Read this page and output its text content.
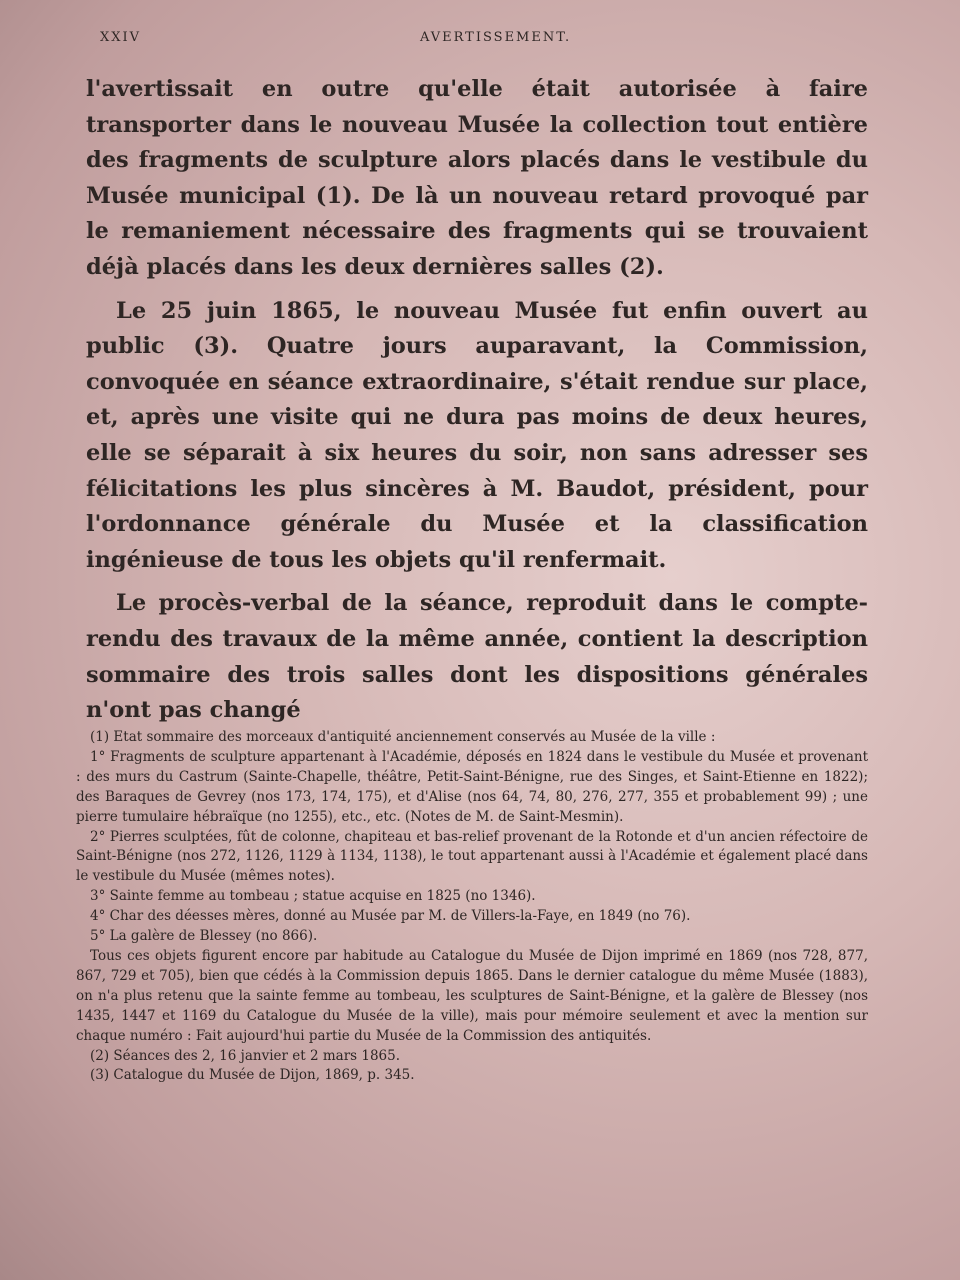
XXIV	AVERTISSEMENT.

l'avertissait en outre qu'elle était autorisée à faire transporter dans le nouveau Musée la collection tout entière des fragments de sculpture alors placés dans le vestibule du Musée municipal (1). De là un nouveau retard provoqué par le remaniement nécessaire des fragments qui se trouvaient déjà placés dans les deux dernières salles (2).

Le 25 juin 1865, le nouveau Musée fut enfin ouvert au public (3). Quatre jours auparavant, la Commission, convoquée en séance extraordinaire, s'était rendue sur place, et, après une visite qui ne dura pas moins de deux heures, elle se séparait à six heures du soir, non sans adresser ses félicitations les plus sincères à M. Baudot, président, pour l'ordonnance générale du Musée et la classification ingénieuse de tous les objets qu'il renfermait.

Le procès-verbal de la séance, reproduit dans le compte-rendu des travaux de la même année, contient la description sommaire des trois salles dont les dispositions générales n'ont pas changé

(1) Etat sommaire des morceaux d'antiquité anciennement conservés au Musée de la ville :

1° Fragments de sculpture appartenant à l'Académie, déposés en 1824 dans le vestibule du Musée et provenant : des murs du Castrum (Sainte-Chapelle, théâtre, Petit-Saint-Bénigne, rue des Singes, et Saint-Etienne en 1822); des Baraques de Gevrey (nos 173, 174, 175), et d'Alise (nos 64, 74, 80, 276, 277, 355 et probablement 99) ; une pierre tumulaire hébraïque (no 1255), etc., etc. (Notes de M. de Saint-Mesmin).

2° Pierres sculptées, fût de colonne, chapiteau et bas-relief provenant de la Rotonde et d'un ancien réfectoire de Saint-Bénigne (nos 272, 1126, 1129 à 1134, 1138), le tout appartenant aussi à l'Académie et également placé dans le vestibule du Musée (mêmes notes).

3° Sainte femme au tombeau ; statue acquise en 1825 (no 1346).

4° Char des déesses mères, donné au Musée par M. de Villers-la-Faye, en 1849 (no 76).

5° La galère de Blessey (no 866).

Tous ces objets figurent encore par habitude au Catalogue du Musée de Dijon imprimé en 1869 (nos 728, 877, 867, 729 et 705), bien que cédés à la Commission depuis 1865. Dans le dernier catalogue du même Musée (1883), on n'a plus retenu que la sainte femme au tombeau, les sculptures de Saint-Bénigne, et la galère de Blessey (nos 1435, 1447 et 1169 du Catalogue du Musée de la ville), mais pour mémoire seulement et avec la mention sur chaque numéro : Fait aujourd'hui partie du Musée de la Commission des antiquités.

(2) Séances des 2, 16 janvier et 2 mars 1865.

(3) Catalogue du Musée de Dijon, 1869, p. 345.
